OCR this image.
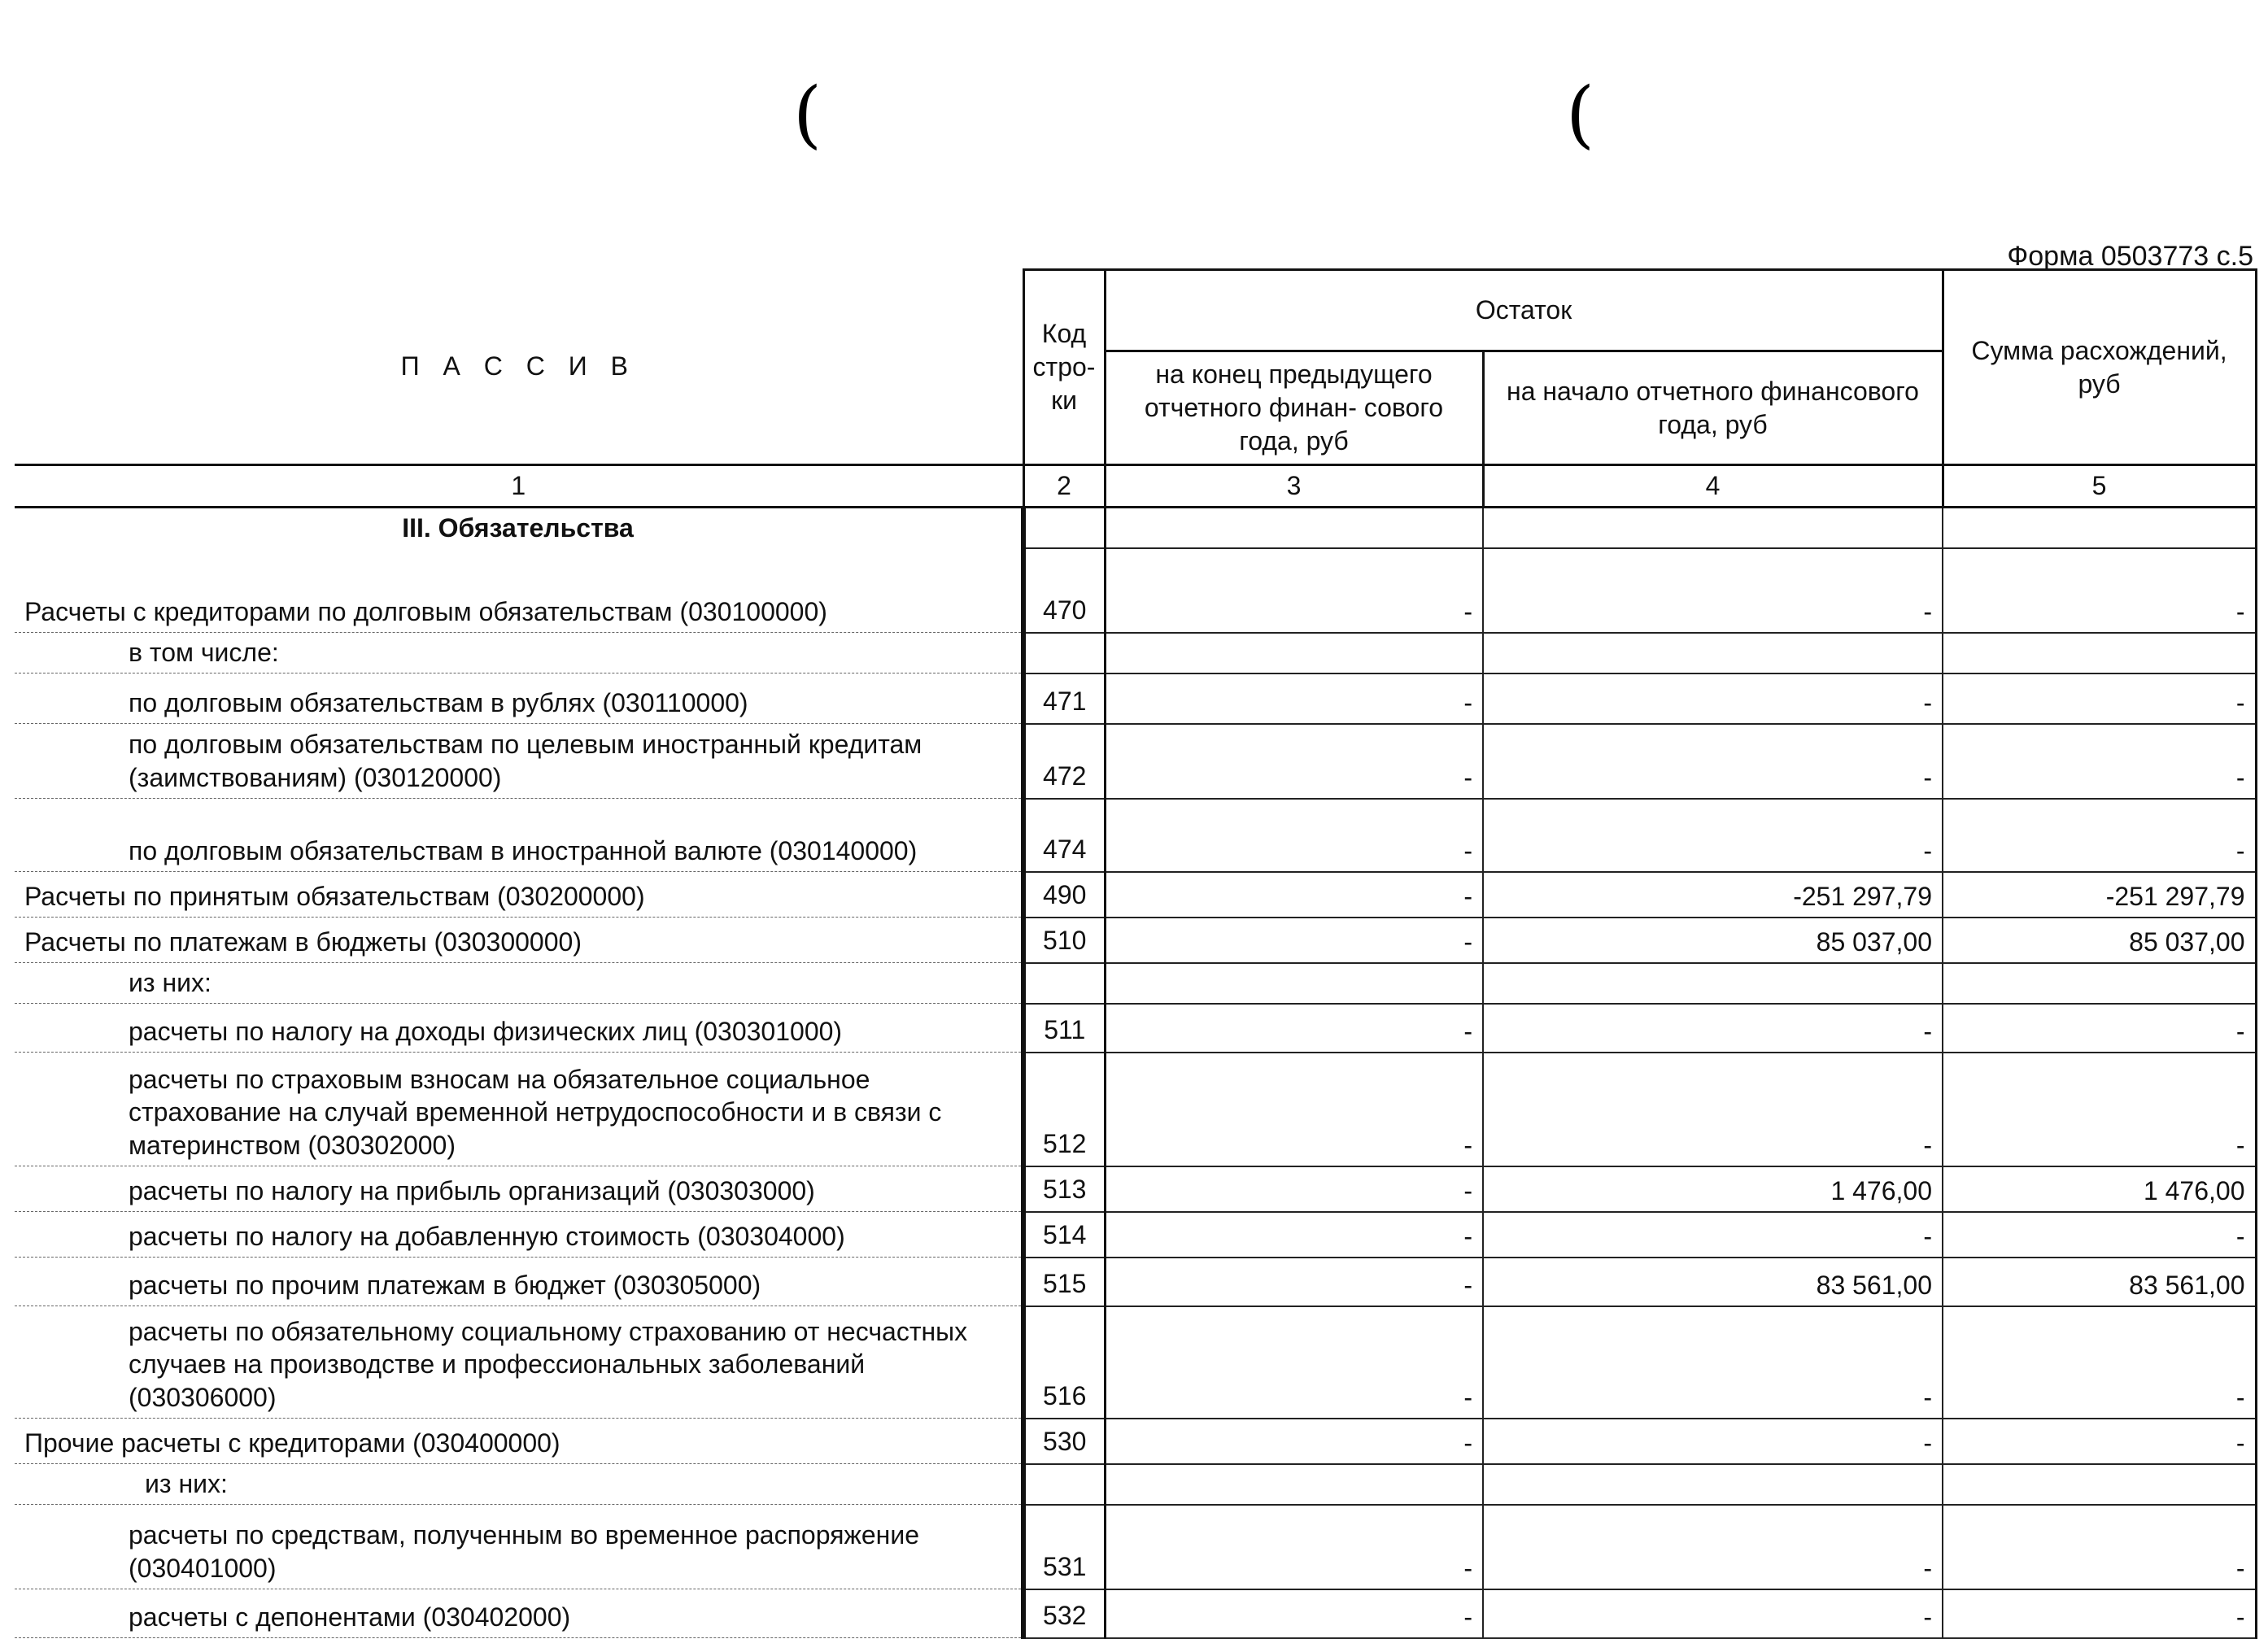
(	(
Форма 0503773 с.5
П А С С И В	Код стро- ки	Остаток		Сумма расхождений, руб
		на конец предыдущего отчетного финан- сового года, руб	на начало отчетного финансового года, руб	
1	2	3	4	5
III. Обязательства				
Расчеты с кредиторами по долговым обязательствам (030100000)	470	-	-	-
в том числе:				
по долговым обязательствам в рублях (030110000)	471	-	-	-
по долговым обязательствам по целевым иностранный кредитам (заимствованиям) (030120000)	472	-	-	-
по долговым обязательствам в иностранной валюте (030140000)	474	-	-	-
Расчеты по принятым обязательствам (030200000)	490	-	-251 297,79	-251 297,79
Расчеты по платежам в бюджеты (030300000)	510	-	85 037,00	85 037,00
из них:				
расчеты по налогу на доходы физических лиц (030301000)	511	-	-	-
расчеты по страховым взносам на обязательное социальное страхование на случай временной нетрудоспособности и в связи с материнством (030302000)	512	-	-	-
расчеты по налогу на прибыль организаций (030303000)	513	-	1 476,00	1 476,00
расчеты по налогу на добавленную стоимость (030304000)	514	-	-	-
расчеты по прочим платежам в бюджет (030305000)	515	-	83 561,00	83 561,00
расчеты по обязательному социальному страхованию от несчастных случаев на производстве и профессиональных заболеваний (030306000)	516	-	-	-
Прочие расчеты с кредиторами (030400000)	530	-	-	-
из них:				
расчеты по средствам, полученным во временное распоряжение (030401000)	531	-	-	-
расчеты с депонентами (030402000)	532	-	-	-
